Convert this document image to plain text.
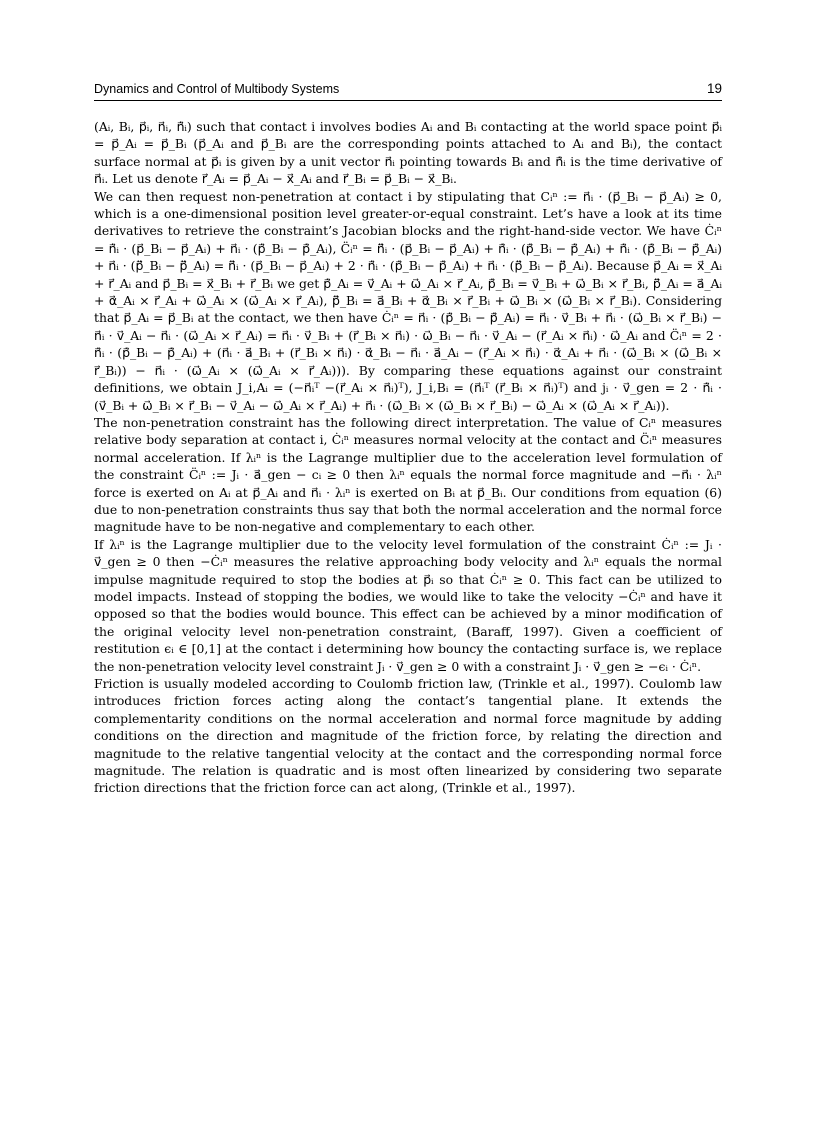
Dynamics and Control of Multibody Systems	19

(Aᵢ, Bᵢ, p⃗ᵢ, n⃗ᵢ, n⃗̇ᵢ) such that contact i involves bodies Aᵢ and Bᵢ contacting at the world space point p⃗ᵢ = p⃗_Aᵢ = p⃗_Bᵢ (p⃗_Aᵢ and p⃗_Bᵢ are the corresponding points attached to Aᵢ and Bᵢ), the contact surface normal at p⃗ᵢ is given by a unit vector n⃗ᵢ pointing towards Bᵢ and n⃗̇ᵢ is the time derivative of n⃗ᵢ. Let us denote r⃗_Aᵢ = p⃗_Aᵢ − x⃗_Aᵢ and r⃗_Bᵢ = p⃗_Bᵢ − x⃗_Bᵢ.

We can then request non-penetration at contact i by stipulating that Cᵢⁿ := n⃗ᵢ · (p⃗_Bᵢ − p⃗_Aᵢ) ≥ 0, which is a one-dimensional position level greater-or-equal constraint. Let’s have a look at its time derivatives to retrieve the constraint’s Jacobian blocks and the right-hand-side vector. We have Ċᵢⁿ = n⃗̇ᵢ · (p⃗_Bᵢ − p⃗_Aᵢ) + n⃗ᵢ · (p⃗̇_Bᵢ − p⃗̇_Aᵢ), C̈ᵢⁿ = n⃗̈ᵢ · (p⃗_Bᵢ − p⃗_Aᵢ) + n⃗̇ᵢ · (p⃗̇_Bᵢ − p⃗̇_Aᵢ) + n⃗̇ᵢ · (p⃗̇_Bᵢ − p⃗̇_Aᵢ) + n⃗ᵢ · (p⃗̈_Bᵢ − p⃗̈_Aᵢ) = n⃗̈ᵢ · (p⃗_Bᵢ − p⃗_Aᵢ) + 2 · n⃗̇ᵢ · (p⃗̇_Bᵢ − p⃗̇_Aᵢ) + n⃗ᵢ · (p⃗̈_Bᵢ − p⃗̈_Aᵢ). Because p⃗_Aᵢ = x⃗_Aᵢ + r⃗_Aᵢ and p⃗_Bᵢ = x⃗_Bᵢ + r⃗_Bᵢ we get p⃗̇_Aᵢ = v⃗_Aᵢ + ω⃗_Aᵢ × r⃗_Aᵢ, p⃗̇_Bᵢ = v⃗_Bᵢ + ω⃗_Bᵢ × r⃗_Bᵢ, p⃗̈_Aᵢ = a⃗_Aᵢ + α⃗_Aᵢ × r⃗_Aᵢ + ω⃗_Aᵢ × (ω⃗_Aᵢ × r⃗_Aᵢ), p⃗̈_Bᵢ = a⃗_Bᵢ + α⃗_Bᵢ × r⃗_Bᵢ + ω⃗_Bᵢ × (ω⃗_Bᵢ × r⃗_Bᵢ). Considering that p⃗_Aᵢ = p⃗_Bᵢ at the contact, we then have Ċᵢⁿ = n⃗ᵢ · (p⃗̇_Bᵢ − p⃗̇_Aᵢ) = n⃗ᵢ · v⃗_Bᵢ + n⃗ᵢ · (ω⃗_Bᵢ × r⃗_Bᵢ) − n⃗ᵢ · v⃗_Aᵢ − n⃗ᵢ · (ω⃗_Aᵢ × r⃗_Aᵢ) = n⃗ᵢ · v⃗_Bᵢ + (r⃗_Bᵢ × n⃗ᵢ) · ω⃗_Bᵢ − n⃗ᵢ · v⃗_Aᵢ − (r⃗_Aᵢ × n⃗ᵢ) · ω⃗_Aᵢ and C̈ᵢⁿ = 2 · n⃗̇ᵢ · (p⃗̇_Bᵢ − p⃗̇_Aᵢ) + (n⃗ᵢ · a⃗_Bᵢ + (r⃗_Bᵢ × n⃗ᵢ) · α⃗_Bᵢ − n⃗ᵢ · a⃗_Aᵢ − (r⃗_Aᵢ × n⃗ᵢ) · α⃗_Aᵢ + n⃗ᵢ · (ω⃗_Bᵢ × (ω⃗_Bᵢ × r⃗_Bᵢ)) − n⃗ᵢ · (ω⃗_Aᵢ × (ω⃗_Aᵢ × r⃗_Aᵢ))). By comparing these equations against our constraint definitions, we obtain J_i,Aᵢ = (−n⃗ᵢᵀ −(r⃗_Aᵢ × n⃗ᵢ)ᵀ), J_i,Bᵢ = (n⃗ᵢᵀ (r⃗_Bᵢ × n⃗ᵢ)ᵀ) and jᵢ · v⃗_gen = 2 · n⃗̇ᵢ · (v⃗_Bᵢ + ω⃗_Bᵢ × r⃗_Bᵢ − v⃗_Aᵢ − ω⃗_Aᵢ × r⃗_Aᵢ) + n⃗ᵢ · (ω⃗_Bᵢ × (ω⃗_Bᵢ × r⃗_Bᵢ) − ω⃗_Aᵢ × (ω⃗_Aᵢ × r⃗_Aᵢ)).

The non-penetration constraint has the following direct interpretation. The value of Cᵢⁿ measures relative body separation at contact i, Ċᵢⁿ measures normal velocity at the contact and C̈ᵢⁿ measures normal acceleration. If λᵢⁿ is the Lagrange multiplier due to the acceleration level formulation of the constraint C̈ᵢⁿ := Jᵢ · a⃗_gen − cᵢ ≥ 0 then λᵢⁿ equals the normal force magnitude and −n⃗ᵢ · λᵢⁿ force is exerted on Aᵢ at p⃗_Aᵢ and n⃗ᵢ · λᵢⁿ is exerted on Bᵢ at p⃗_Bᵢ. Our conditions from equation (6) due to non-penetration constraints thus say that both the normal acceleration and the normal force magnitude have to be non-negative and complementary to each other.

If λᵢⁿ is the Lagrange multiplier due to the velocity level formulation of the constraint Ċᵢⁿ := Jᵢ · v⃗_gen ≥ 0 then −Ċᵢⁿ measures the relative approaching body velocity and λᵢⁿ equals the normal impulse magnitude required to stop the bodies at p⃗ᵢ so that Ċᵢⁿ ≥ 0. This fact can be utilized to model impacts. Instead of stopping the bodies, we would like to take the velocity −Ċᵢⁿ and have it opposed so that the bodies would bounce. This effect can be achieved by a minor modification of the original velocity level non-penetration constraint, (Baraff, 1997). Given a coefficient of restitution ϵᵢ ∈ [0,1] at the contact i determining how bouncy the contacting surface is, we replace the non-penetration velocity level constraint Jᵢ · v⃗_gen ≥ 0 with a constraint Jᵢ · v⃗_gen ≥ −ϵᵢ · Ċᵢⁿ.

Friction is usually modeled according to Coulomb friction law, (Trinkle et al., 1997). Coulomb law introduces friction forces acting along the contact’s tangential plane. It extends the complementarity conditions on the normal acceleration and normal force magnitude by adding conditions on the direction and magnitude of the friction force, by relating the direction and magnitude to the relative tangential velocity at the contact and the corresponding normal force magnitude. The relation is quadratic and is most often linearized by considering two separate friction directions that the friction force can act along, (Trinkle et al., 1997).
